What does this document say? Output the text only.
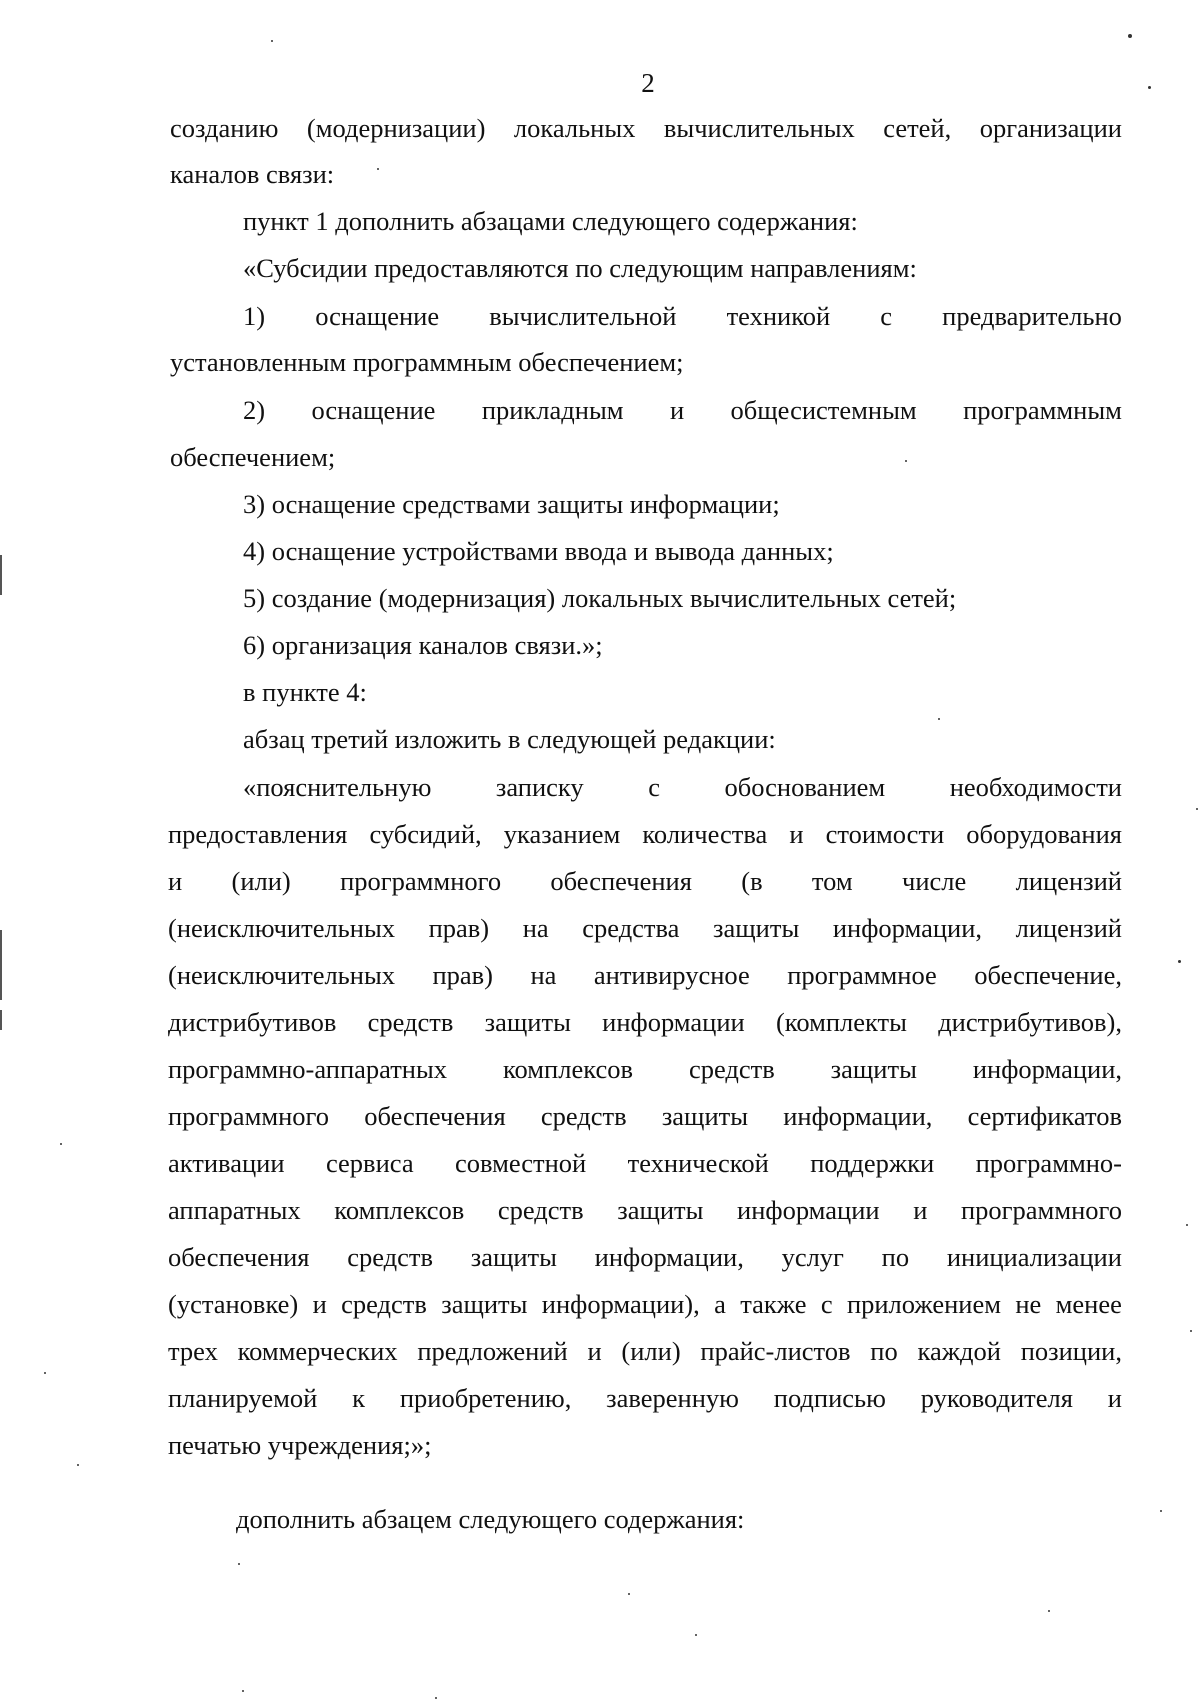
2
созданию (модернизации) локальных вычислительных сетей, организации
каналов связи:
пункт 1 дополнить абзацами следующего содержания:
«Субсидии предоставляются по следующим направлениям:
1) оснащение вычислительной техникой с предварительно
установленным программным обеспечением;
2) оснащение прикладным и общесистемным программным
обеспечением;
3) оснащение средствами защиты информации;
4) оснащение устройствами ввода и вывода данных;
5) создание (модернизация) локальных вычислительных сетей;
6) организация каналов связи.»;
в пункте 4:
абзац третий изложить в следующей редакции:
«пояснительную записку с обоснованием необходимости
предоставления субсидий, указанием количества и стоимости оборудования
и (или) программного обеспечения (в том числе лицензий
(неисключительных прав) на средства защиты информации, лицензий
(неисключительных прав) на антивирусное программное обеспечение,
дистрибутивов средств защиты информации (комплекты дистрибутивов),
программно-аппаратных комплексов средств защиты информации,
программного обеспечения средств защиты информации, сертификатов
активации сервиса совместной технической поддержки программно-
аппаратных комплексов средств защиты информации и программного
обеспечения средств защиты информации, услуг по инициализации
(установке) и средств защиты информации), а также с приложением не менее
трех коммерческих предложений и (или) прайс-листов по каждой позиции,
планируемой к приобретению, заверенную подписью руководителя и
печатью учреждения;»;
дополнить абзацем следующего содержания:
